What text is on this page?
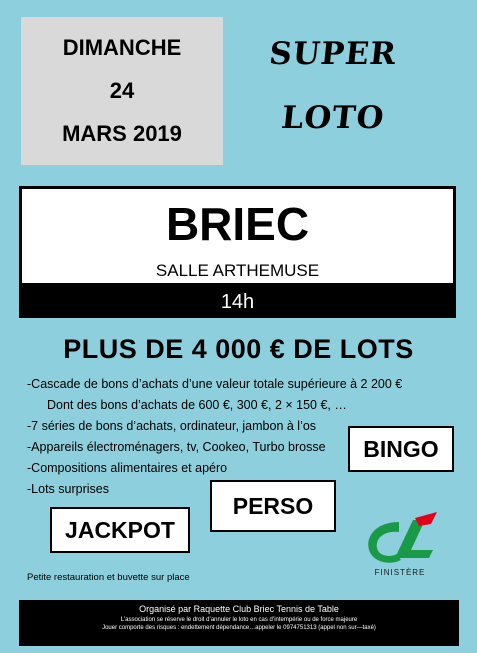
DIMANCHE
24
MARS 2019
SUPER
LOTO
BRIEC
SALLE ARTHEMUSE
14h
PLUS DE 4 000 € DE LOTS
-Cascade de bons d’achats d’une valeur totale supérieure à 2 200 €
Dont des bons d’achats de 600 €, 300 €, 2 × 150 €, …
-7 séries de bons d’achats, ordinateur, jambon à l’os
-Appareils électroménagers, tv, Cookeo, Turbo brosse
-Compositions alimentaires et apéro
-Lots surprises
BINGO
PERSO
JACKPOT
FINISTÈRE
Petite restauration et buvette sur place
Organisé par Raquette Club Briec Tennis de Table
L’association se réserve le droit d’annuler le loto en cas d’intempérie ou de force majeure
Jouer comporte des risques : endettement dépendance…appeler le 0974751313 (appel non sur—taxé)
